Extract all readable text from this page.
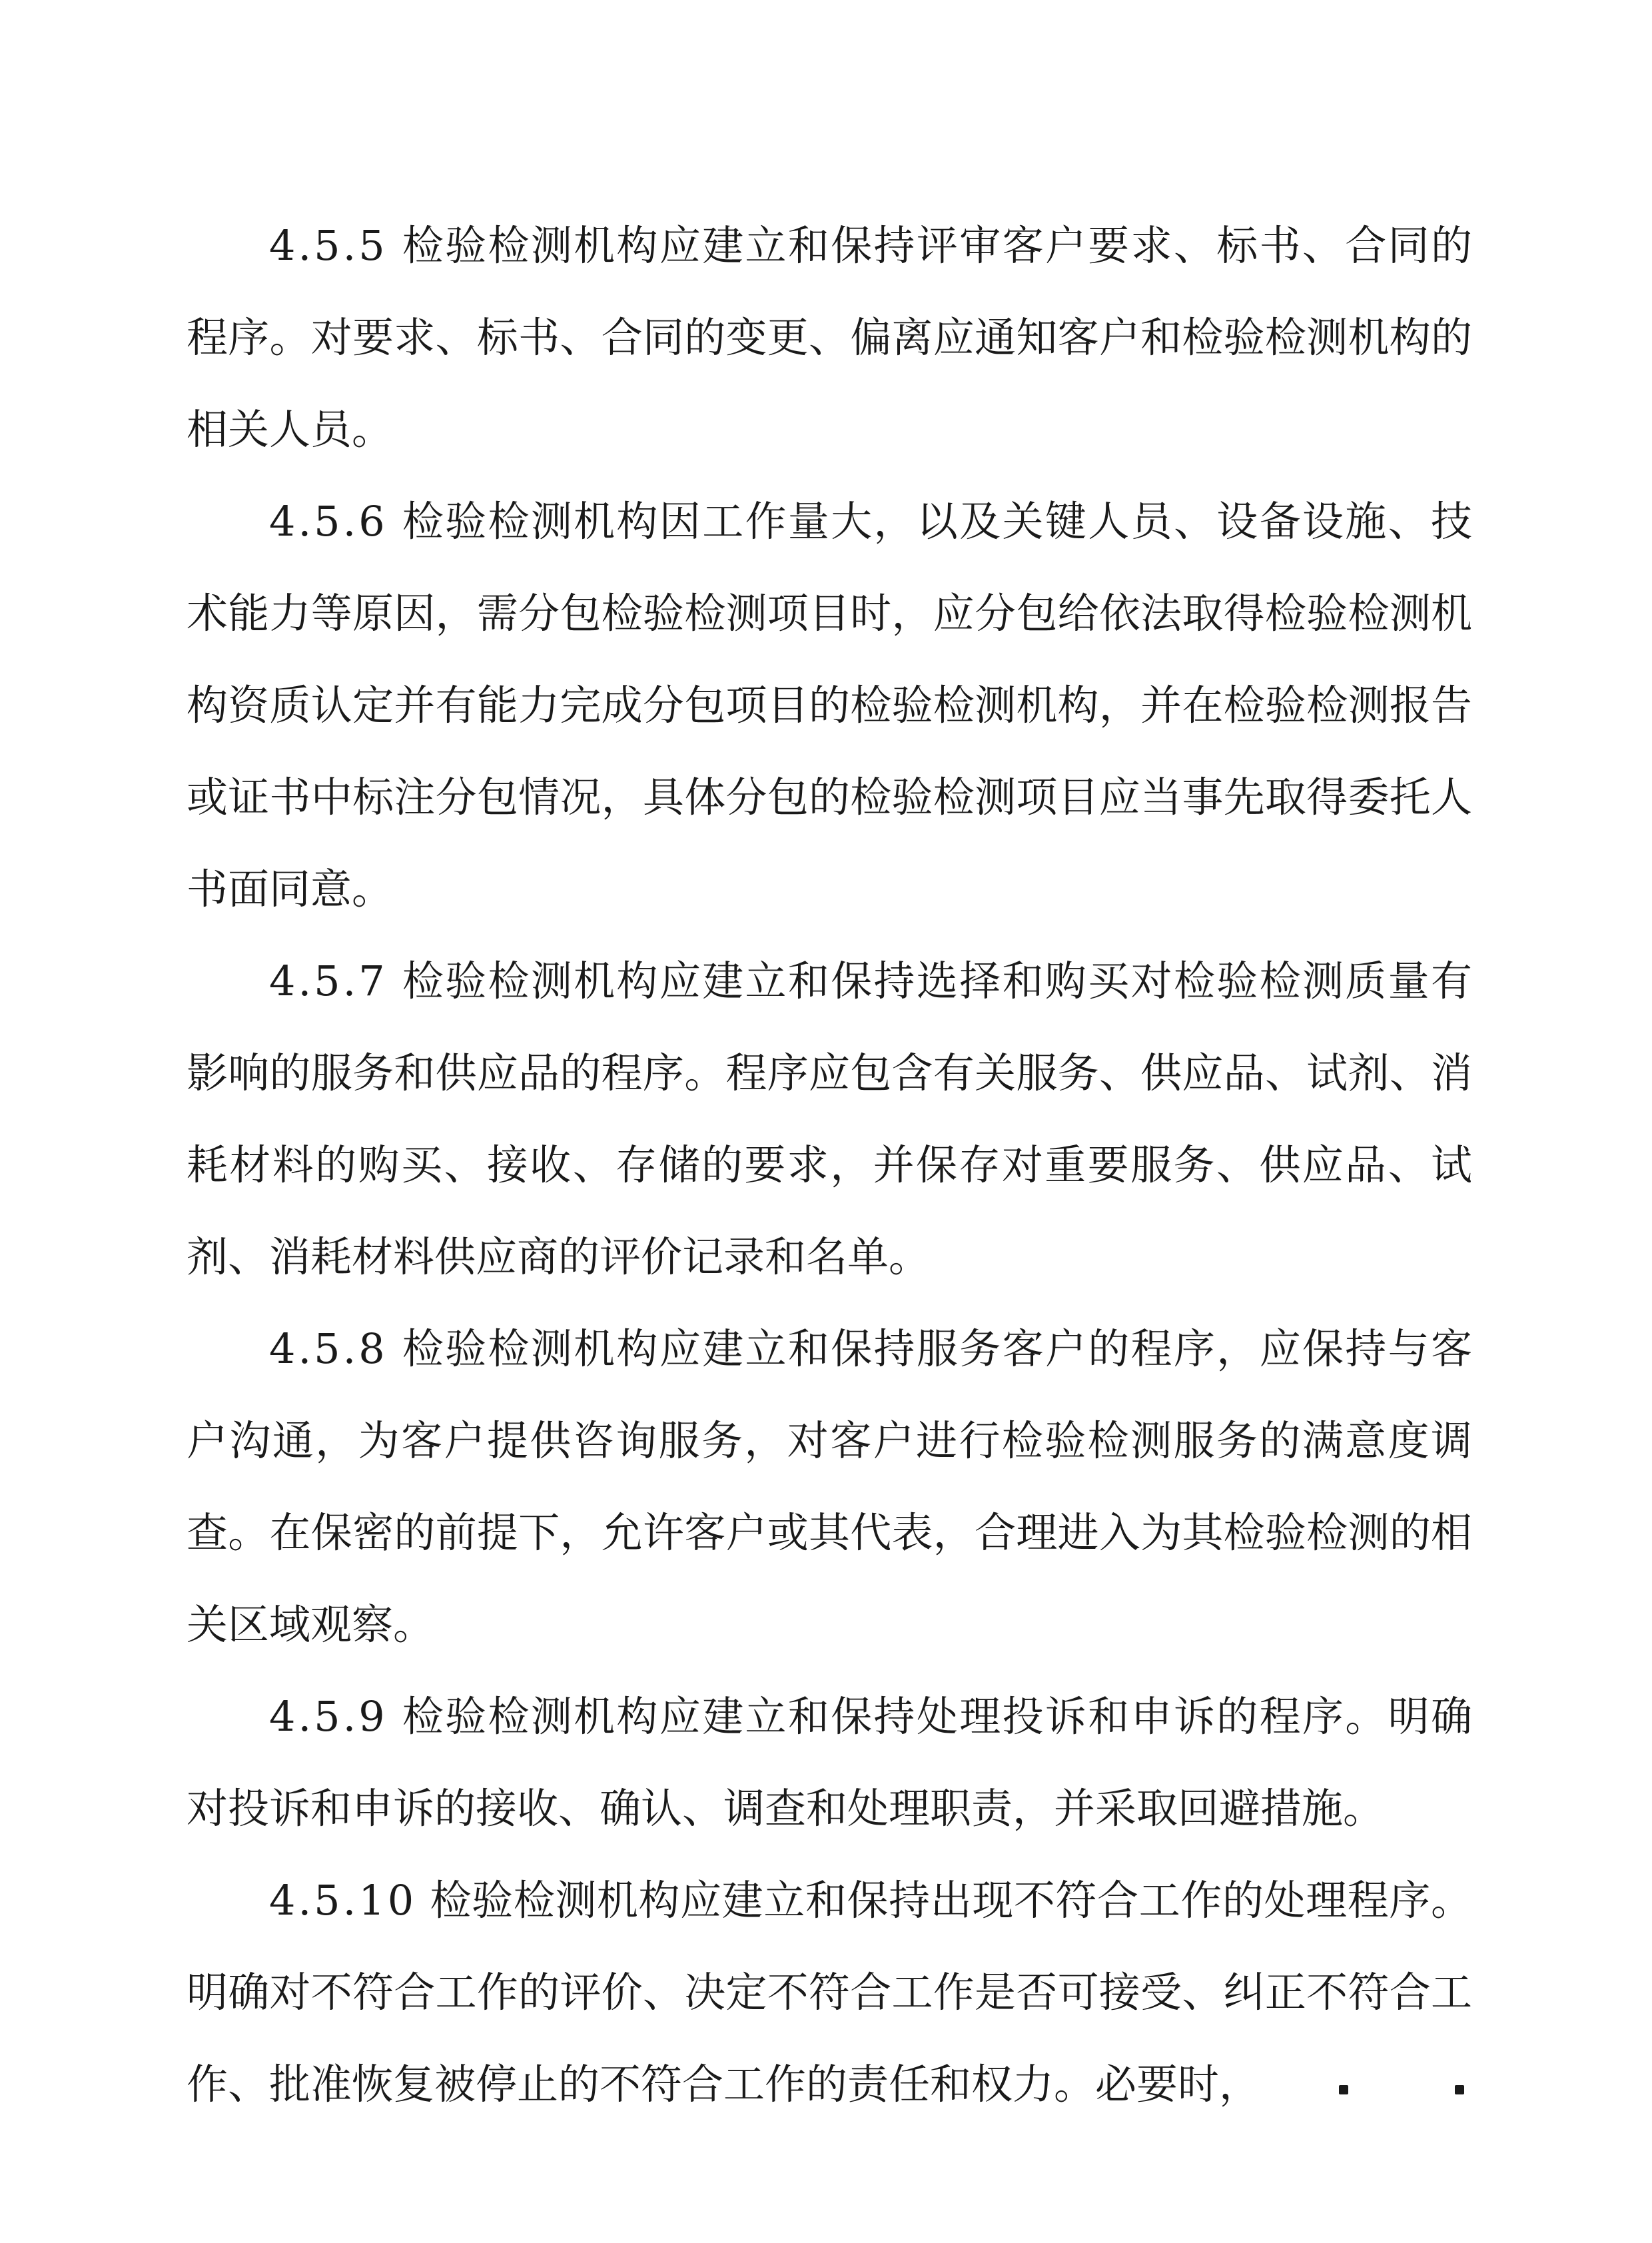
4.5.5 检验检测机构应建立和保持评审客户要求、标书、合同的程序。对要求、标书、合同的变更、偏离应通知客户和检验检测机构的相关人员。

4.5.6 检验检测机构因工作量大，以及关键人员、设备设施、技术能力等原因，需分包检验检测项目时，应分包给依法取得检验检测机构资质认定并有能力完成分包项目的检验检测机构，并在检验检测报告或证书中标注分包情况，具体分包的检验检测项目应当事先取得委托人书面同意。

4.5.7 检验检测机构应建立和保持选择和购买对检验检测质量有影响的服务和供应品的程序。程序应包含有关服务、供应品、试剂、消耗材料的购买、接收、存储的要求，并保存对重要服务、供应品、试剂、消耗材料供应商的评价记录和名单。

4.5.8 检验检测机构应建立和保持服务客户的程序，应保持与客户沟通，为客户提供咨询服务，对客户进行检验检测服务的满意度调查。在保密的前提下，允许客户或其代表，合理进入为其检验检测的相关区域观察。

4.5.9 检验检测机构应建立和保持处理投诉和申诉的程序。明确对投诉和申诉的接收、确认、调查和处理职责，并采取回避措施。

4.5.10 检验检测机构应建立和保持出现不符合工作的处理程序。明确对不符合工作的评价、决定不符合工作是否可接受、纠正不符合工作、批准恢复被停止的不符合工作的责任和权力。必要时，
